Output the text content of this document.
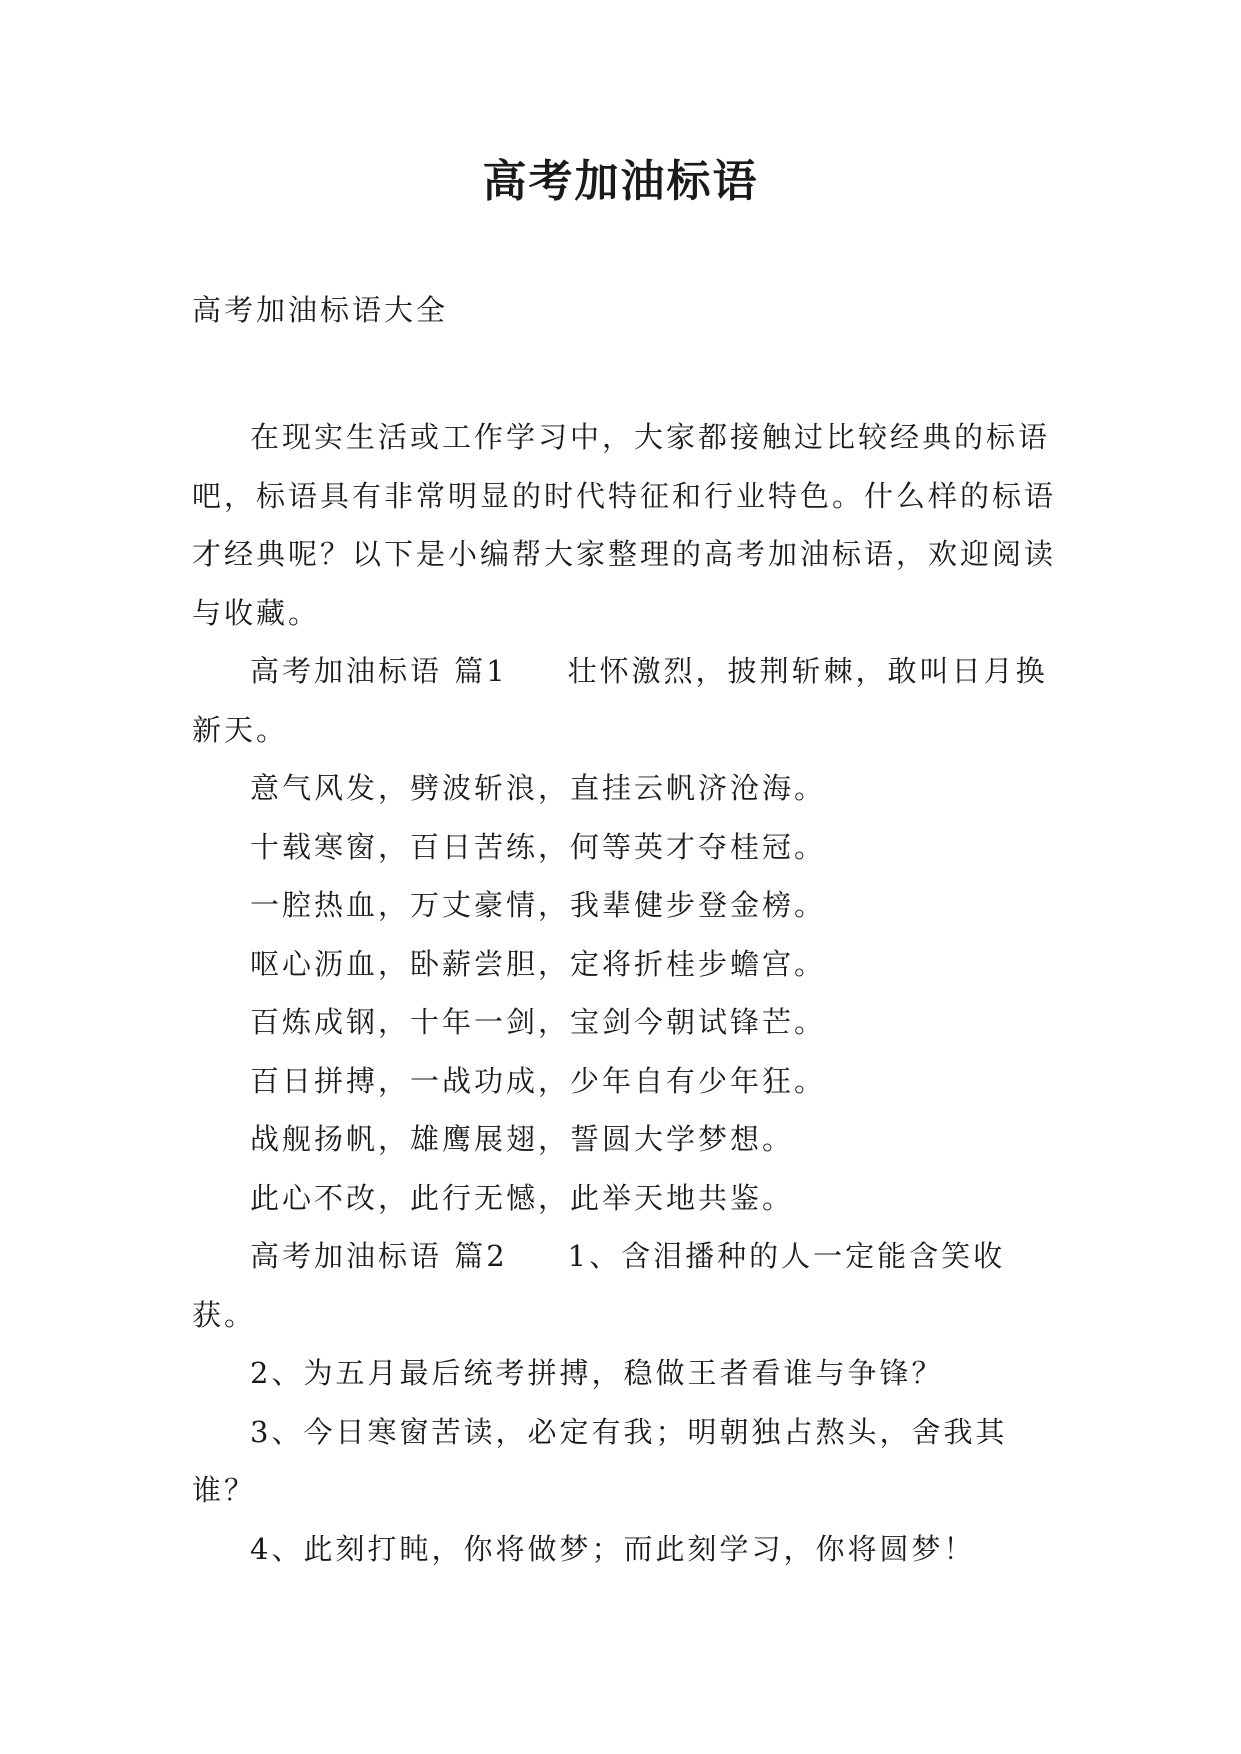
高考加油标语
高考加油标语大全

在现实生活或工作学习中，大家都接触过比较经典的标语吧，标语具有非常明显的时代特征和行业特色。什么样的标语才经典呢？以下是小编帮大家整理的高考加油标语，欢迎阅读与收藏。

高考加油标语 篇1 壮怀激烈，披荆斩棘，敢叫日月换新天。

意气风发，劈波斩浪，直挂云帆济沧海。

十载寒窗，百日苦练，何等英才夺桂冠。

一腔热血，万丈豪情，我辈健步登金榜。

呕心沥血，卧薪尝胆，定将折桂步蟾宫。

百炼成钢，十年一剑，宝剑今朝试锋芒。

百日拼搏，一战功成，少年自有少年狂。

战舰扬帆，雄鹰展翅，誓圆大学梦想。

此心不改，此行无憾，此举天地共鉴。

高考加油标语 篇2 1、含泪播种的人一定能含笑收获。

2、为五月最后统考拼搏，稳做王者看谁与争锋？

3、今日寒窗苦读，必定有我；明朝独占熬头，舍我其谁？

4、此刻打盹，你将做梦；而此刻学习，你将圆梦！
